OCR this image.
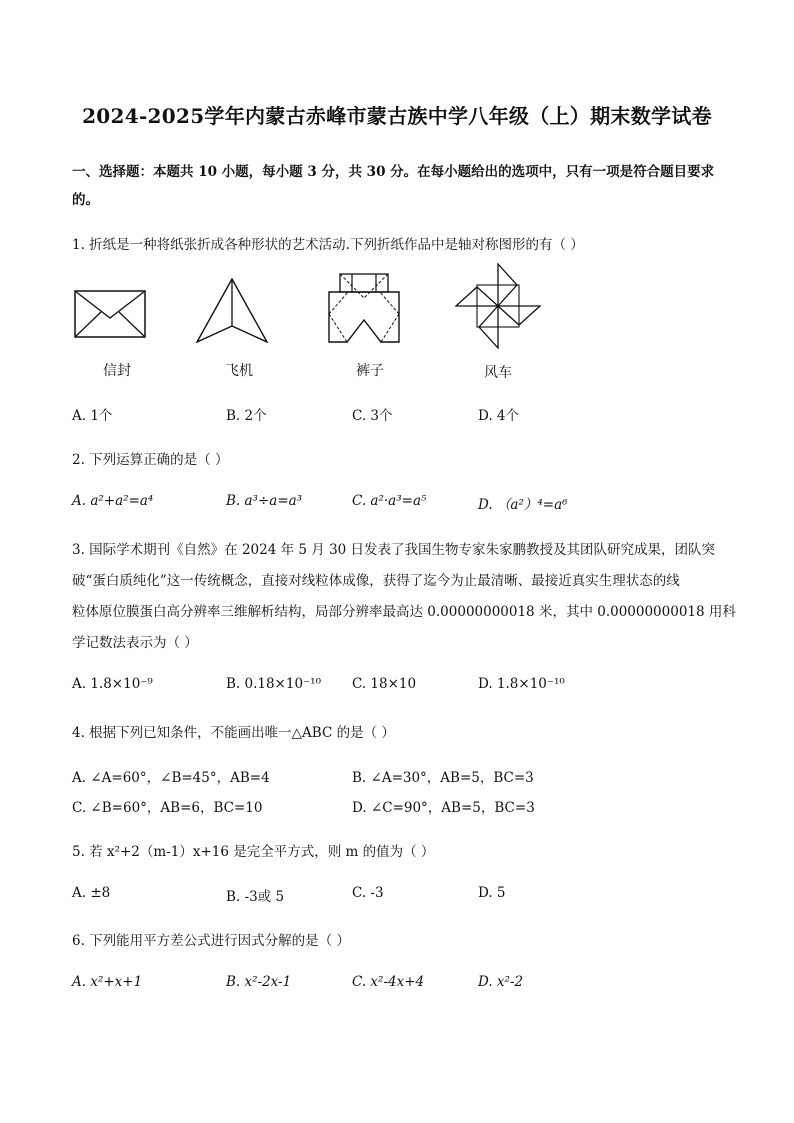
2024-2025学年内蒙古赤峰市蒙古族中学八年级（上）期末数学试卷
一、选择题：本题共 10 小题，每小题 3 分，共 30 分。在每小题给出的选项中，只有一项是符合题目要求
的。
1. 折纸是一种将纸张折成各种形状的艺术活动.下列折纸作品中是轴对称图形的有（ ）
信封	飞机	裤子	风车
A. 1个	B. 2个	C. 3个	D. 4个
2. 下列运算正确的是（ ）
A. a²+a²=a⁴	B. a³÷a=a³	C. a²·a³=a⁵	D. （a²）⁴=a⁶
3. 国际学术期刊《自然》在 2024 年 5 月 30 日发表了我国生物专家朱家鹏教授及其团队研究成果，团队突
破“蛋白质纯化”这一传统概念，直接对线粒体成像，获得了迄今为止最清晰、最接近真实生理状态的线
粒体原位膜蛋白高分辨率三维解析结构，局部分辨率最高达 0.00000000018 米，其中 0.00000000018 用科
学记数法表示为（ ）
A. 1.8×10⁻⁹	B. 0.18×10⁻¹⁰ C. 18×10	D. 1.8×10⁻¹⁰
4. 根据下列已知条件，不能画出唯一△ABC 的是（ ）
A. ∠A=60°，∠B=45°，AB=4	B. ∠A=30°，AB=5，BC=3
C. ∠B=60°，AB=6，BC=10	D. ∠C=90°，AB=5，BC=3
5. 若 x²+2（m-1）x+16 是完全平方式，则 m 的值为（ ）
A. ±8	B. -3或 5	C. -3	D. 5
6. 下列能用平方差公式进行因式分解的是（ ）
A. x²+x+1	B. x²-2x-1	C. x²-4x+4	D. x²-2
